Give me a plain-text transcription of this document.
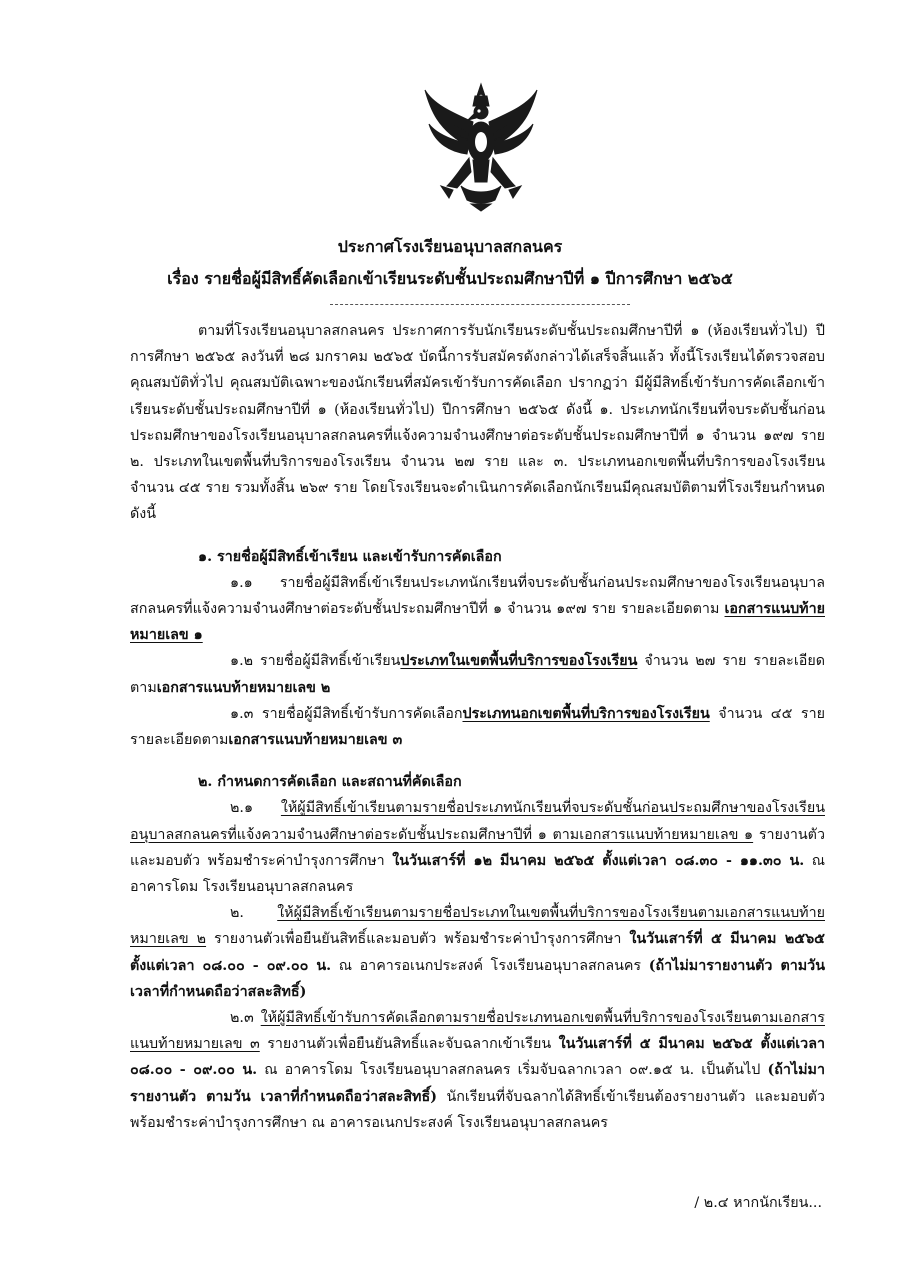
ประกาศโรงเรียนอนุบาลสกลนคร
เรื่อง รายชื่อผู้มีสิทธิ์คัดเลือกเข้าเรียนระดับชั้นประถมศึกษาปีที่ ๑ ปีการศึกษา ๒๕๖๕

ตามที่โรงเรียนอนุบาลสกลนคร ประกาศการรับนักเรียนระดับชั้นประถมศึกษาปีที่ ๑ (ห้องเรียนทั่วไป) ปีการศึกษา ๒๕๖๕ ลงวันที่ ๒๘ มกราคม ๒๕๖๕ บัดนี้การรับสมัครดังกล่าวได้เสร็จสิ้นแล้ว ทั้งนี้โรงเรียนได้ตรวจสอบคุณสมบัติทั่วไป คุณสมบัติเฉพาะของนักเรียนที่สมัครเข้ารับการคัดเลือก ปรากฏว่า มีผู้มีสิทธิ์เข้ารับการคัดเลือกเข้าเรียนระดับชั้นประถมศึกษาปีที่ ๑ (ห้องเรียนทั่วไป) ปีการศึกษา ๒๕๖๕ ดังนี้ ๑. ประเภทนักเรียนที่จบระดับชั้นก่อนประถมศึกษาของโรงเรียนอนุบาลสกลนครที่แจ้งความจำนงศึกษาต่อระดับชั้นประถมศึกษาปีที่ ๑ จำนวน ๑๙๗ ราย ๒. ประเภทในเขตพื้นที่บริการของโรงเรียน จำนวน ๒๗ ราย และ ๓. ประเภทนอกเขตพื้นที่บริการของโรงเรียน จำนวน ๔๕ ราย รวมทั้งสิ้น ๒๖๙ ราย โดยโรงเรียนจะดำเนินการคัดเลือกนักเรียนมีคุณสมบัติตามที่โรงเรียนกำหนด ดังนี้

๑. รายชื่อผู้มีสิทธิ์เข้าเรียน และเข้ารับการคัดเลือก

๑.๑ รายชื่อผู้มีสิทธิ์เข้าเรียนประเภทนักเรียนที่จบระดับชั้นก่อนประถมศึกษาของโรงเรียนอนุบาลสกลนครที่แจ้งความจำนงศึกษาต่อระดับชั้นประถมศึกษาปีที่ ๑ จำนวน ๑๙๗ ราย รายละเอียดตาม เอกสารแนบท้ายหมายเลข ๑

๑.๒ รายชื่อผู้มีสิทธิ์เข้าเรียนประเภทในเขตพื้นที่บริการของโรงเรียน จำนวน ๒๗ ราย รายละเอียดตามเอกสารแนบท้ายหมายเลข ๒

๑.๓ รายชื่อผู้มีสิทธิ์เข้ารับการคัดเลือกประเภทนอกเขตพื้นที่บริการของโรงเรียน จำนวน ๔๕ ราย รายละเอียดตามเอกสารแนบท้ายหมายเลข ๓

๒. กำหนดการคัดเลือก และสถานที่คัดเลือก

๒.๑ ให้ผู้มีสิทธิ์เข้าเรียนตามรายชื่อประเภทนักเรียนที่จบระดับชั้นก่อนประถมศึกษาของโรงเรียนอนุบาลสกลนครที่แจ้งความจำนงศึกษาต่อระดับชั้นประถมศึกษาปีที่ ๑ ตามเอกสารแนบท้ายหมายเลข ๑ รายงานตัวและมอบตัว พร้อมชำระค่าบำรุงการศึกษา ในวันเสาร์ที่ ๑๒ มีนาคม ๒๕๖๕ ตั้งแต่เวลา ๐๘.๓๐ - ๑๑.๓๐ น. ณ อาคารโดม โรงเรียนอนุบาลสกลนคร

๒. ให้ผู้มีสิทธิ์เข้าเรียนตามรายชื่อประเภทในเขตพื้นที่บริการของโรงเรียนตามเอกสารแนบท้ายหมายเลข ๒ รายงานตัวเพื่อยืนยันสิทธิ์และมอบตัว พร้อมชำระค่าบำรุงการศึกษา ในวันเสาร์ที่ ๕ มีนาคม ๒๕๖๕ ตั้งแต่เวลา ๐๘.๐๐ - ๐๙.๐๐ น. ณ อาคารอเนกประสงค์ โรงเรียนอนุบาลสกลนคร (ถ้าไม่มารายงานตัว ตามวัน เวลาที่กำหนดถือว่าสละสิทธิ์)

๒.๓ ให้ผู้มีสิทธิ์เข้ารับการคัดเลือกตามรายชื่อประเภทนอกเขตพื้นที่บริการของโรงเรียนตามเอกสารแนบท้ายหมายเลข ๓ รายงานตัวเพื่อยืนยันสิทธิ์และจับฉลากเข้าเรียน ในวันเสาร์ที่ ๕ มีนาคม ๒๕๖๕ ตั้งแต่เวลา ๐๘.๐๐ - ๐๙.๐๐ น. ณ อาคารโดม โรงเรียนอนุบาลสกลนคร เริ่มจับฉลากเวลา ๐๙.๑๕ น. เป็นต้นไป (ถ้าไม่มารายงานตัว ตามวัน เวลาที่กำหนดถือว่าสละสิทธิ์) นักเรียนที่จับฉลากได้สิทธิ์เข้าเรียนต้องรายงานตัว และมอบตัว พร้อมชำระค่าบำรุงการศึกษา ณ อาคารอเนกประสงค์ โรงเรียนอนุบาลสกลนคร

/ ๒.๔ หากนักเรียน...
